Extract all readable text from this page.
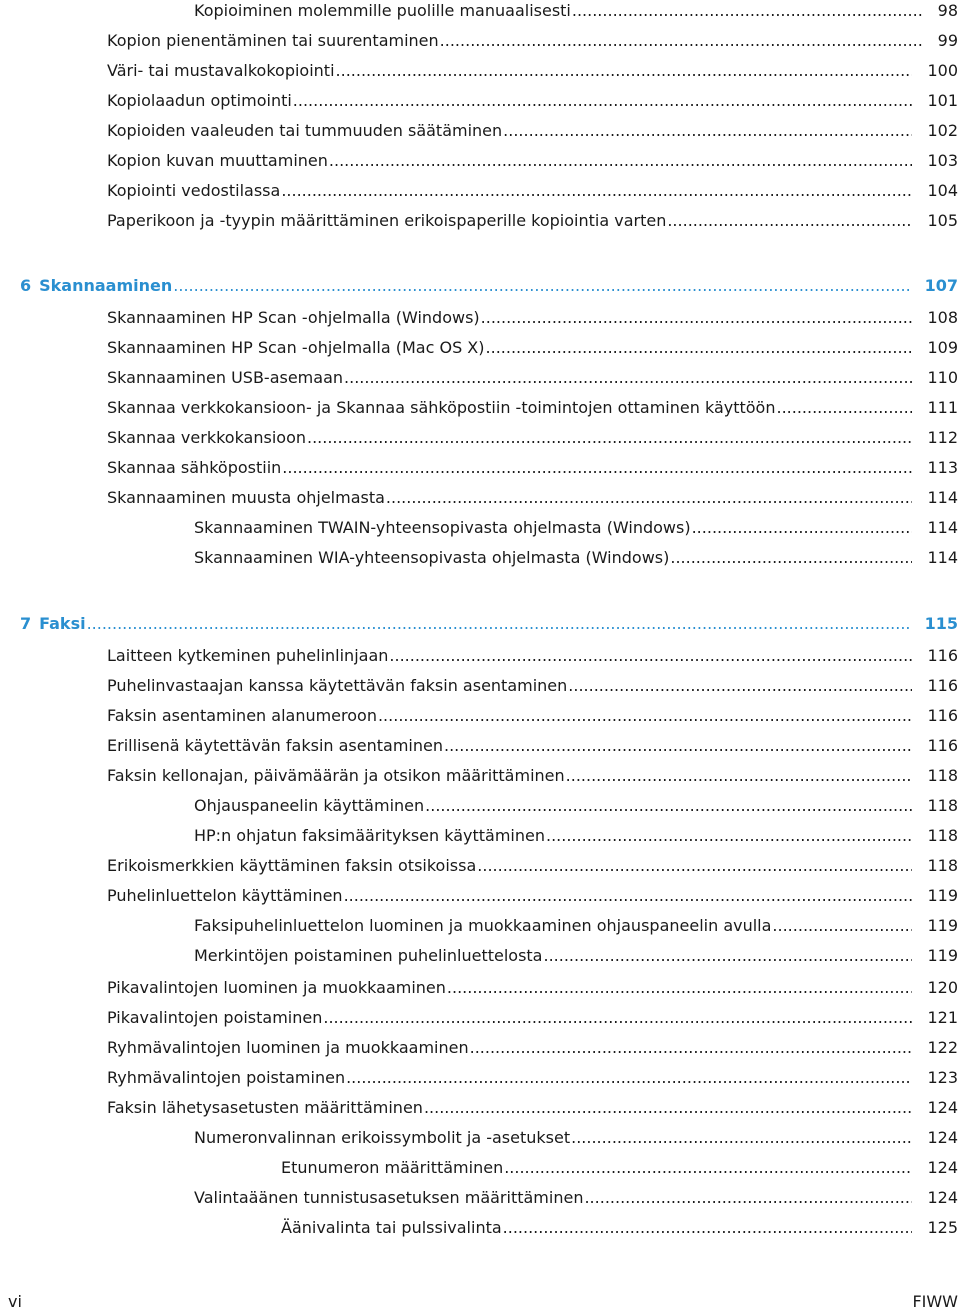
Kopioiminen molemmille puolille manuaalisesti .....	98
Kopion pienentäminen tai suurentaminen .....	99
Väri- tai mustavalkokopiointi .....	100
Kopiolaadun optimointi .....	101
Kopioiden vaaleuden tai tummuuden säätäminen .....	102
Kopion kuvan muuttaminen .....	103
Kopiointi vedostilassa .....	104
Paperikoon ja -tyypin määrittäminen erikoispaperille kopiointia varten .....	105
6 Skannaaminen .....	107
Skannaaminen HP Scan -ohjelmalla (Windows) .....	108
Skannaaminen HP Scan -ohjelmalla (Mac OS X) .....	109
Skannaaminen USB-asemaan .....	110
Skannaa verkkokansioon- ja Skannaa sähköpostiin -toimintojen ottaminen käyttöön .....	111
Skannaa verkkokansioon .....	112
Skannaa sähköpostiin .....	113
Skannaaminen muusta ohjelmasta .....	114
Skannaaminen TWAIN-yhteensopivasta ohjelmasta (Windows) .....	114
Skannaaminen WIA-yhteensopivasta ohjelmasta (Windows) .....	114
7 Faksi .....	115
Laitteen kytkeminen puhelinlinjaan .....	116
Puhelinvastaajan kanssa käytettävän faksin asentaminen .....	116
Faksin asentaminen alanumeroon .....	116
Erillisenä käytettävän faksin asentaminen .....	116
Faksin kellonajan, päivämäärän ja otsikon määrittäminen .....	118
Ohjauspaneelin käyttäminen .....	118
HP:n ohjatun faksimäärityksen käyttäminen .....	118
Erikoismerkkien käyttäminen faksin otsikoissa .....	118
Puhelinluettelon käyttäminen .....	119
Faksipuhelinluettelon luominen ja muokkaaminen ohjauspaneelin avulla .....	119
Merkintöjen poistaminen puhelinluettelosta .....	119
Pikavalintojen luominen ja muokkaaminen .....	120
Pikavalintojen poistaminen .....	121
Ryhmävalintojen luominen ja muokkaaminen .....	122
Ryhmävalintojen poistaminen .....	123
Faksin lähetysasetusten määrittäminen .....	124
Numeronvalinnan erikoissymbolit ja -asetukset .....	124
Etunumeron määrittäminen .....	124
Valintaäänen tunnistusasetuksen määrittäminen .....	124
Äänivalinta tai pulssivalinta .....	125
vi	FIWW
